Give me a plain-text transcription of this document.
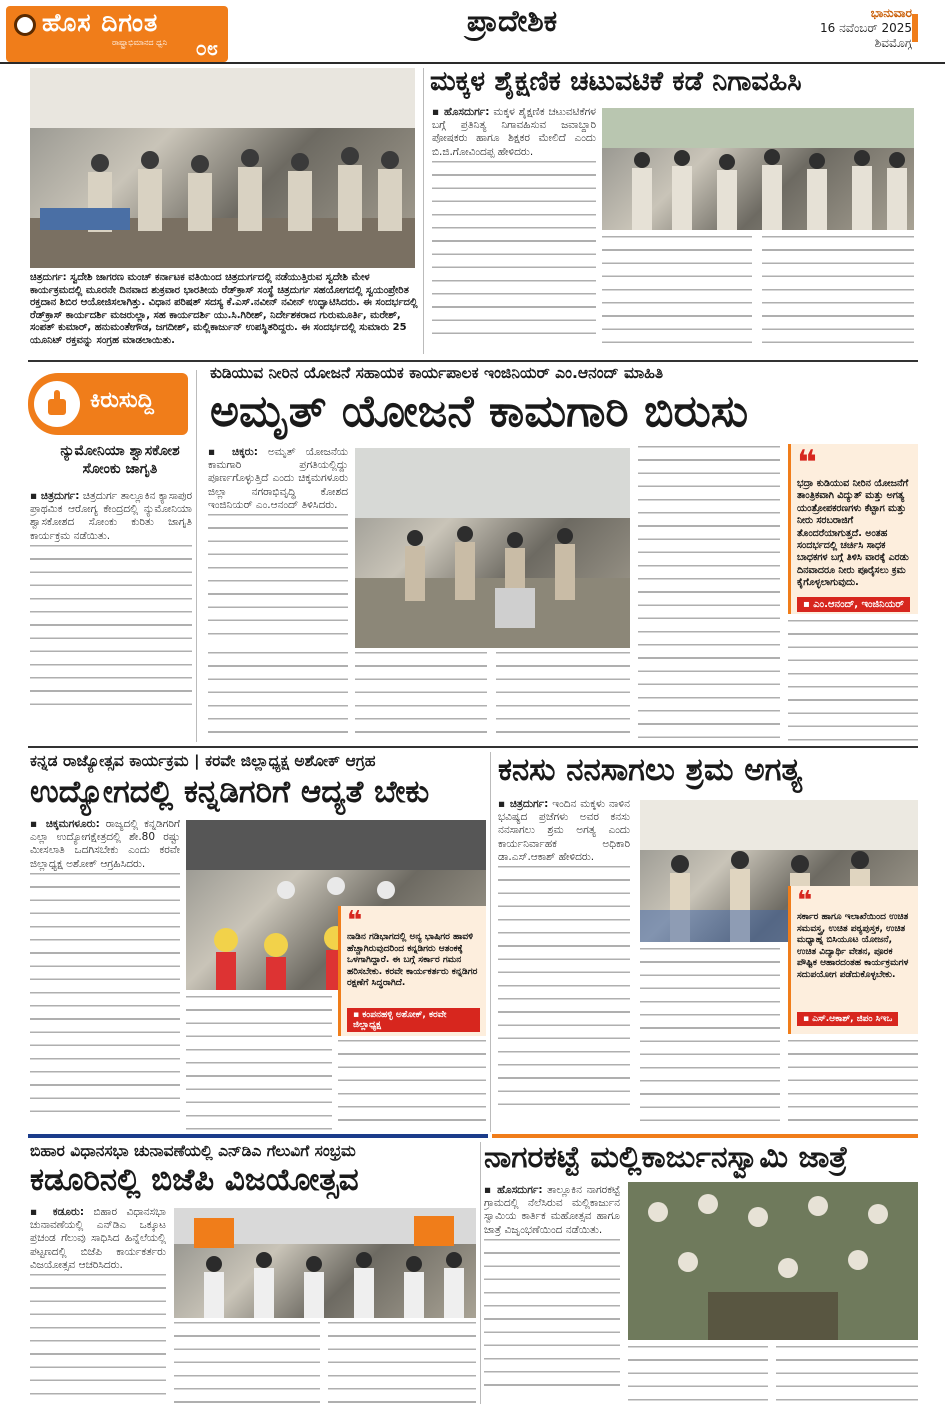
ಹೊಸ ದಿಗಂತ
ರಾಷ್ಟ್ರಾಭಿಮಾನದ ಧ್ವನಿ ೦೮
ಪ್ರಾದೇಶಿಕ	ಭಾನುವಾರ
16 ನವೆಂಬರ್ 2025
ಶಿವಮೊಗ್ಗ
ಚಿತ್ರದುರ್ಗ: ಸ್ವದೇಶಿ ಜಾಗರಣ ಮಂಚ್ ಕರ್ನಾಟಕ ವತಿಯಿಂದ ಚಿತ್ರದುರ್ಗದಲ್ಲಿ ನಡೆಯುತ್ತಿರುವ ಸ್ವದೇಶಿ ಮೇಳ ಕಾರ್ಯಕ್ರಮದಲ್ಲಿ ಮೂರನೇ ದಿನವಾದ ಶುಕ್ರವಾರ ಭಾರತೀಯ ರೆಡ್‌ಕ್ರಾಸ್ ಸಂಸ್ಥೆ ಚಿತ್ರದುರ್ಗ ಸಹಯೋಗದಲ್ಲಿ ಸ್ವಯಂಪ್ರೇರಿತ ರಕ್ತದಾನ ಶಿಬಿರ ಆಯೋಜಿಸಲಾಗಿತ್ತು. ವಿಧಾನ ಪರಿಷತ್ ಸದಸ್ಯ ಕೆ.ಎಸ್.ನವೀನ್ ನವೀನ್ ಉದ್ಘಾಟಿಸಿದರು. ಈ ಸಂದರ್ಭದಲ್ಲಿ ರೆಡ್‌ಕ್ರಾಸ್ ಕಾರ್ಯದರ್ಶಿ ಮಜರುಲ್ಲಾ, ಸಹ ಕಾರ್ಯದರ್ಶಿ ಯು.ಸಿ.ಗಿರೀಶ್, ನಿರ್ದೇಶಕರಾದ ಗುರುಮೂರ್ತಿ, ಮರೇಶ್, ಸಂಪತ್ ಕುಮಾರ್, ಹನುಮಂತೇಗೌಡ, ಜಗದೀಶ್, ಮಲ್ಲಿಕಾರ್ಜುನ್ ಉಪಸ್ಥಿತರಿದ್ದರು. ಈ ಸಂದರ್ಭದಲ್ಲಿ ಸುಮಾರು 25 ಯೂನಿಟ್ ರಕ್ತವನ್ನು ಸಂಗ್ರಹ ಮಾಡಲಾಯಿತು.
ಮಕ್ಕಳ ಶೈಕ್ಷಣಿಕ ಚಟುವಟಿಕೆ ಕಡೆ ನಿಗಾವಹಿಸಿ
▪ ಹೊಸದುರ್ಗ: ಮಕ್ಕಳ ಶೈಕ್ಷಣಿಕ ಚಟುವಟಿಕೆಗಳ ಬಗ್ಗೆ ಪ್ರತಿನಿತ್ಯ ನಿಗಾವಹಿಸುವ ಜವಾಬ್ದಾರಿ ಪೋಷಕರು ಹಾಗೂ ಶಿಕ್ಷಕರ ಮೇಲಿದೆ ಎಂದು ಬಿ.ಜಿ.ಗೋವಿಂದಪ್ಪ ಹೇಳಿದರು.
ಕಿರುಸುದ್ದಿ
ನ್ಯುಮೋನಿಯಾ ಶ್ವಾಸಕೋಶ ಸೋಂಕು ಜಾಗೃತಿ
▪ ಚಿತ್ರದುರ್ಗ: ಚಿತ್ರದುರ್ಗ ತಾಲ್ಲೂಕಿನ ಕ್ಯಾಸಾಪುರ ಪ್ರಾಥಮಿಕ ಆರೋಗ್ಯ ಕೇಂದ್ರದಲ್ಲಿ ನ್ಯುಮೋನಿಯಾ ಶ್ವಾಸಕೋಶದ ಸೋಂಕು ಕುರಿತು ಜಾಗೃತಿ ಕಾರ್ಯಕ್ರಮ ನಡೆಯಿತು.
ಕುಡಿಯುವ ನೀರಿನ ಯೋಜನೆ ಸಹಾಯಕ ಕಾರ್ಯಪಾಲಕ ಇಂಜಿನಿಯರ್ ಎಂ.ಆನಂದ್ ಮಾಹಿತಿ
ಅಮೃತ್ ಯೋಜನೆ ಕಾಮಗಾರಿ ಬಿರುಸು
▪ ಚಿಕ್ಕರು: ಅಮೃತ್ ಯೋಜನೆಯ ಕಾಮಗಾರಿ ಪ್ರಗತಿಯಲ್ಲಿದ್ದು ಪೂರ್ಣಗೊಳ್ಳುತ್ತಿದೆ ಎಂದು ಚಿಕ್ಕಮಗಳೂರು ಜಿಲ್ಲಾ ನಗರಾಭಿವೃದ್ಧಿ ಕೋಶದ ಇಂಜಿನಿಯರ್ ಎಂ.ಆನಂದ್ ತಿಳಿಸಿದರು.
❝
ಭದ್ರಾ ಕುಡಿಯುವ ನೀರಿನ ಯೋಜನೆಗೆ ತಾಂತ್ರಿಕವಾಗಿ ವಿದ್ಯುತ್ ಮತ್ತು ಅಗತ್ಯ ಯಂತ್ರೋಪಕರಣಗಳು ಕೆಟ್ಟಾಗ ಮತ್ತು ನೀರು ಸರಬರಾಜಿಗೆ ತೊಂದರೆಯಾಗುತ್ತದೆ. ಅಂತಹ ಸಂದರ್ಭದಲ್ಲಿ ಚರ್ಚಿಸಿ ಸಾಧಕ ಬಾಧಕಗಳ ಬಗ್ಗೆ ತಿಳಿಸಿ ವಾರಕ್ಕೆ ಎರಡು ದಿನವಾದರೂ ನೀರು ಪೂರೈಸಲು ಕ್ರಮ ಕೈಗೊಳ್ಳಲಾಗುವುದು.
▪ ಎಂ.ಆನಂದ್, ಇಂಜಿನಿಯರ್
ಕನ್ನಡ ರಾಜ್ಯೋತ್ಸವ ಕಾರ್ಯಕ್ರಮ | ಕರವೇ ಜಿಲ್ಲಾಧ್ಯಕ್ಷ ಅಶೋಕ್ ಆಗ್ರಹ
ಉದ್ಯೋಗದಲ್ಲಿ ಕನ್ನಡಿಗರಿಗೆ ಆದ್ಯತೆ ಬೇಕು
▪ ಚಿಕ್ಕಮಗಳೂರು: ರಾಜ್ಯದಲ್ಲಿ ಕನ್ನಡಿಗರಿಗೆ ಎಲ್ಲಾ ಉದ್ಯೋಗಕ್ಷೇತ್ರದಲ್ಲಿ ಶೇ.80 ರಷ್ಟು ಮೀಸಲಾತಿ ಒದಗಿಸಬೇಕು ಎಂದು ಕರವೇ ಜಿಲ್ಲಾಧ್ಯಕ್ಷ ಅಶೋಕ್ ಆಗ್ರಹಿಸಿದರು.
❝
ನಾಡಿನ ಗಡಿಭಾಗದಲ್ಲಿ ಅನ್ಯ ಭಾಷಿಗರ ಹಾವಳಿ ಹೆಚ್ಚಾಗಿರುವುದರಿಂದ ಕನ್ನಡಿಗರು ಆತಂಕಕ್ಕೆ ಒಳಗಾಗಿದ್ದಾರೆ. ಈ ಬಗ್ಗೆ ಸರ್ಕಾರ ಗಮನ ಹರಿಸಬೇಕು. ಕರವೇ ಕಾರ್ಯಕರ್ತರು ಕನ್ನಡಿಗರ ರಕ್ಷಣೆಗೆ ಸಿದ್ಧರಾಗಿದೆ.
▪ ಕಂಪನಹಳ್ಳಿ ಅಶೋಕ್, ಕರವೇ ಜಿಲ್ಲಾಧ್ಯಕ್ಷ
ಕನಸು ನನಸಾಗಲು ಶ್ರಮ ಅಗತ್ಯ
▪ ಚಿತ್ರದುರ್ಗ: ಇಂದಿನ ಮಕ್ಕಳು ನಾಳಿನ ಭವಿಷ್ಯದ ಪ್ರಜೆಗಳು ಅವರ ಕನಸು ನನಸಾಗಲು ಶ್ರಮ ಅಗತ್ಯ ಎಂದು ಕಾರ್ಯನಿರ್ವಾಹಕ ಅಧಿಕಾರಿ ಡಾ.ಎಸ್.ಆಕಾಶ್ ಹೇಳಿದರು.
❝
ಸರ್ಕಾರ ಹಾಗೂ ಇಲಾಖೆಯಿಂದ ಉಚಿತ ಸಮವಸ್ತ್ರ, ಉಚಿತ ಪಠ್ಯಪುಸ್ತಕ, ಉಚಿತ ಮಧ್ಯಾಹ್ನ ಬಿಸಿಯೂಟ ಯೋಜನೆ, ಉಚಿತ ವಿದ್ಯಾರ್ಥಿ ವೇತನ, ಪೂರಕ ಪೌಷ್ಟಿಕ ಆಹಾರದಂತಹ ಕಾರ್ಯಕ್ರಮಗಳ ಸದುಪಯೋಗ ಪಡೆದುಕೊಳ್ಳಬೇಕು.
▪ ಎಸ್.ಆಕಾಶ್, ಜಿಪಂ ಸಿಇಒ
ಬಿಹಾರ ವಿಧಾನಸಭಾ ಚುನಾವಣೆಯಲ್ಲಿ ಎನ್‌ಡಿಎ ಗೆಲುವಿಗೆ ಸಂಭ್ರಮ
ಕಡೂರಿನಲ್ಲಿ ಬಿಜೆಪಿ ವಿಜಯೋತ್ಸವ
▪ ಕಡೂರು: ಬಿಹಾರ ವಿಧಾನಸಭಾ ಚುನಾವಣೆಯಲ್ಲಿ ಎನ್‌ಡಿಎ ಒಕ್ಕೂಟ ಪ್ರಚಂಡ ಗೆಲುವು ಸಾಧಿಸಿದ ಹಿನ್ನೆಲೆಯಲ್ಲಿ ಪಟ್ಟಣದಲ್ಲಿ ಬಿಜೆಪಿ ಕಾರ್ಯಕರ್ತರು ವಿಜಯೋತ್ಸವ ಆಚರಿಸಿದರು.
ನಾಗರಕಟ್ಟೆ ಮಲ್ಲಿಕಾರ್ಜುನಸ್ವಾಮಿ ಜಾತ್ರೆ
▪ ಹೊಸದುರ್ಗ: ತಾಲ್ಲೂಕಿನ ನಾಗರಕಟ್ಟೆ ಗ್ರಾಮದಲ್ಲಿ ನೆಲೆಸಿರುವ ಮಲ್ಲಿಕಾರ್ಜುನ ಸ್ವಾಮಿಯ ಕಾರ್ತಿಕ ಮಹೋತ್ಸವ ಹಾಗೂ ಜಾತ್ರೆ ವಿಜೃಂಭಣೆಯಿಂದ ನಡೆಯಿತು.
